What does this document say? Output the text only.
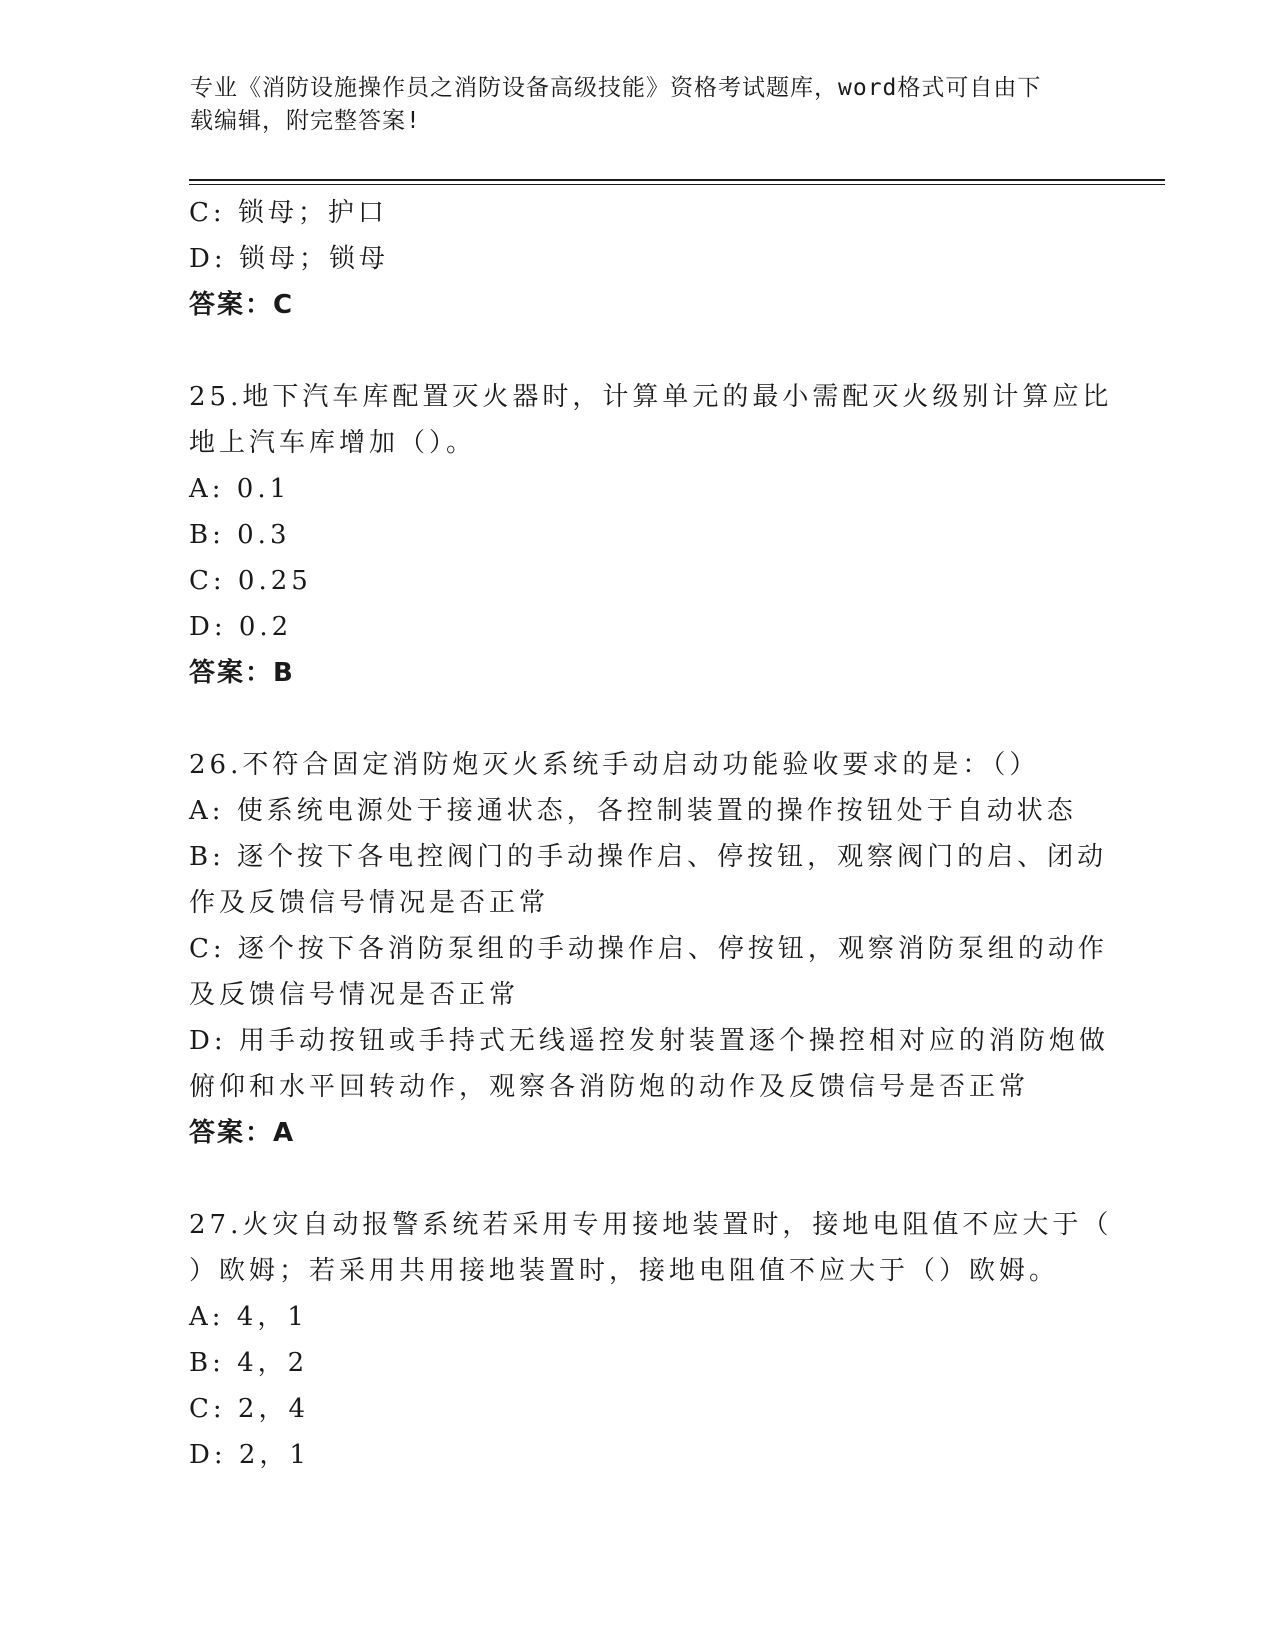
专业《消防设施操作员之消防设备高级技能》资格考试题库，word格式可自由下
载编辑，附完整答案!
C: 锁母；护口
D: 锁母；锁母
答案：C
25.地下汽车库配置灭火器时，计算单元的最小需配灭火级别计算应比
地上汽车库增加（）。
A: 0.1
B: 0.3
C: 0.25
D: 0.2
答案：B
26.不符合固定消防炮灭火系统手动启动功能验收要求的是：（）
A: 使系统电源处于接通状态，各控制装置的操作按钮处于自动状态
B: 逐个按下各电控阀门的手动操作启、停按钮，观察阀门的启、闭动
作及反馈信号情况是否正常
C: 逐个按下各消防泵组的手动操作启、停按钮，观察消防泵组的动作
及反馈信号情况是否正常
D: 用手动按钮或手持式无线遥控发射装置逐个操控相对应的消防炮做
俯仰和水平回转动作，观察各消防炮的动作及反馈信号是否正常
答案：A
27.火灾自动报警系统若采用专用接地装置时，接地电阻值不应大于（
）欧姆；若采用共用接地装置时，接地电阻值不应大于（）欧姆。
A: 4，1
B: 4，2
C: 2，4
D: 2，1
